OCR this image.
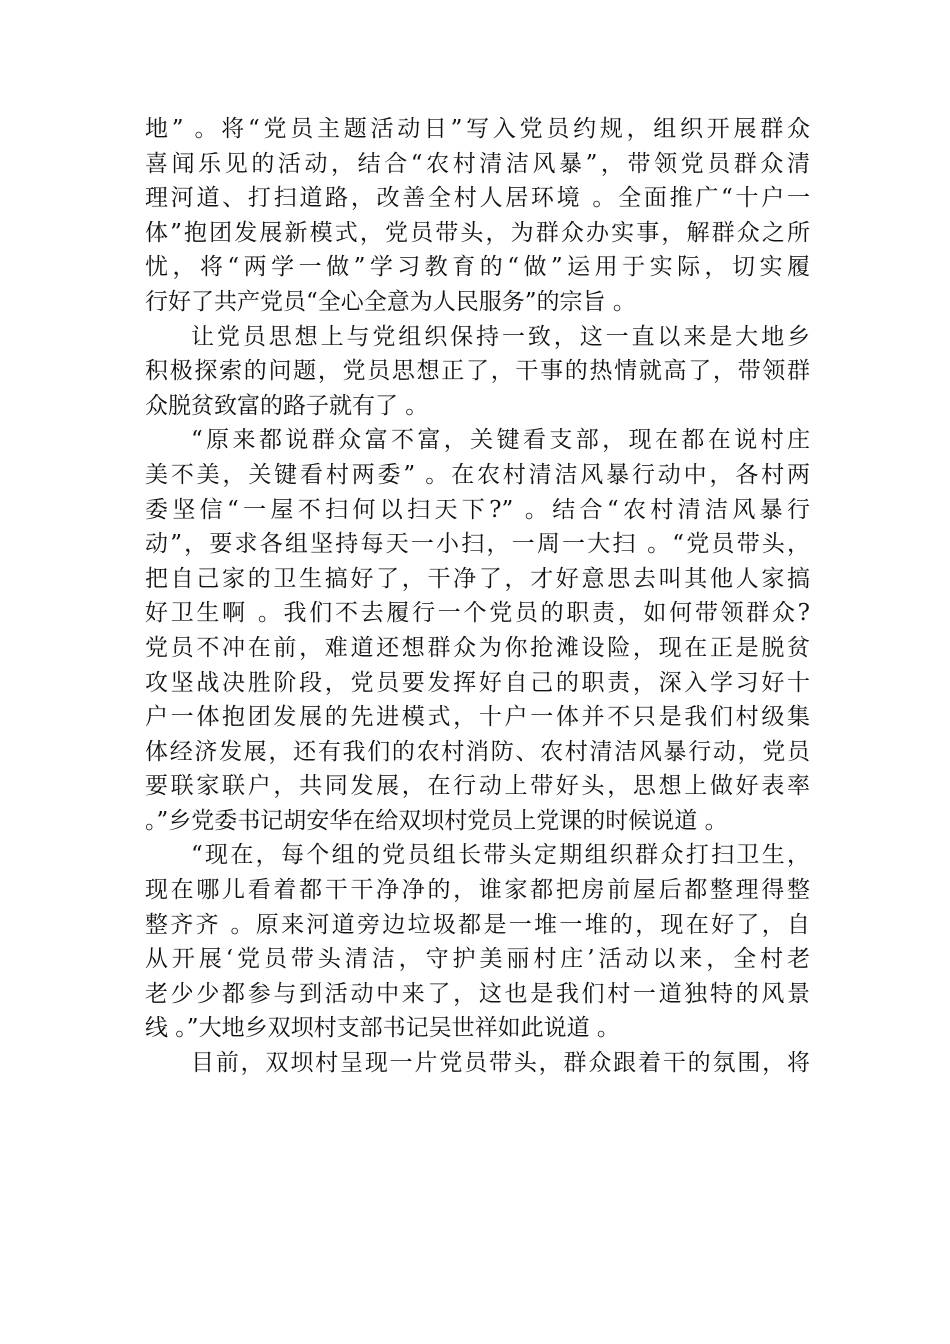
地” 。将“党员主题活动日”写入党员约规，组织开展群众
喜闻乐见的活动，结合“农村清洁风暴”，带领党员群众清
理河道、打扫道路，改善全村人居环境 。全面推广“十户一
体”抱团发展新模式，党员带头，为群众办实事，解群众之所
忧，将“两学一做”学习教育的“做”运用于实际，切实履
行好了共产党员“全心全意为人民服务”的宗旨 。
让党员思想上与党组织保持一致，这一直以来是大地乡
积极探索的问题，党员思想正了，干事的热情就高了，带领群
众脱贫致富的路子就有了 。
“原来都说群众富不富，关键看支部，现在都在说村庄
美不美，关键看村两委” 。在农村清洁风暴行动中，各村两
委坚信“一屋不扫何以扫天下?” 。结合“农村清洁风暴行
动”，要求各组坚持每天一小扫，一周一大扫 。“党员带头，
把自己家的卫生搞好了，干净了，才好意思去叫其他人家搞
好卫生啊 。我们不去履行一个党员的职责，如何带领群众?
党员不冲在前，难道还想群众为你抢滩设险，现在正是脱贫
攻坚战决胜阶段，党员要发挥好自己的职责，深入学习好十
户一体抱团发展的先进模式，十户一体并不只是我们村级集
体经济发展，还有我们的农村消防、农村清洁风暴行动，党员
要联家联户，共同发展，在行动上带好头，思想上做好表率
。”乡党委书记胡安华在给双坝村党员上党课的时候说道 。
“现在，每个组的党员组长带头定期组织群众打扫卫生，
现在哪儿看着都干干净净的，谁家都把房前屋后都整理得整
整齐齐 。原来河道旁边垃圾都是一堆一堆的，现在好了，自
从开展‘党员带头清洁，守护美丽村庄’活动以来，全村老
老少少都参与到活动中来了，这也是我们村一道独特的风景
线 。”大地乡双坝村支部书记吴世祥如此说道 。
目前，双坝村呈现一片党员带头，群众跟着干的氛围，将
